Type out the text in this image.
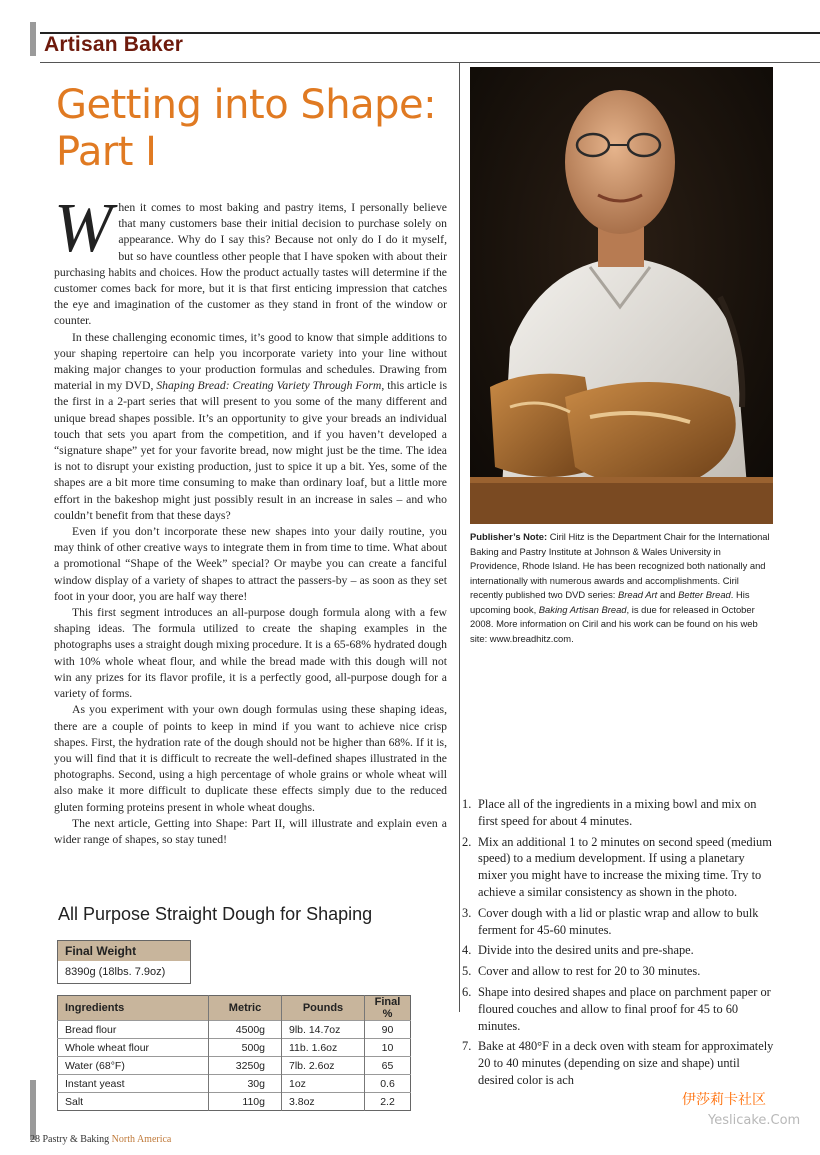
Artisan Baker
Getting into Shape: Part I

When it comes to most baking and pastry items, I personally believe that many customers base their initial decision to purchase solely on appearance. Why do I say this? Because not only do I do it myself, but so have countless other people that I have spoken with about their purchasing habits and choices. How the product actually tastes will determine if the customer comes back for more, but it is that first enticing impression that catches the eye and imagination of the customer as they stand in front of the window or counter.

In these challenging economic times, it’s good to know that simple additions to your shaping repertoire can help you incorporate variety into your line without making major changes to your production formulas and schedules. Drawing from material in my DVD, Shaping Bread: Creating Variety Through Form, this article is the first in a 2-part series that will present to you some of the many different and unique bread shapes possible. It’s an opportunity to give your breads an individual touch that sets you apart from the competition, and if you haven’t developed a “signature shape” yet for your favorite bread, now might just be the time. The idea is not to disrupt your existing production, just to spice it up a bit. Yes, some of the shapes are a bit more time consuming to make than ordinary loaf, but a little more effort in the bakeshop might just possibly result in an increase in sales – and who couldn’t benefit from that these days?

Even if you don’t incorporate these new shapes into your daily routine, you may think of other creative ways to integrate them in from time to time. What about a promotional “Shape of the Week” special? Or maybe you can create a fanciful window display of a variety of shapes to attract the passers-by – as soon as they set foot in your door, you are half way there!

This first segment introduces an all-purpose dough formula along with a few shaping ideas. The formula utilized to create the shaping examples in the photographs uses a straight dough mixing procedure. It is a 65-68% hydrated dough with 10% whole wheat flour, and while the bread made with this dough will not win any prizes for its flavor profile, it is a perfectly good, all-purpose dough for a variety of forms.

As you experiment with your own dough formulas using these shaping ideas, there are a couple of points to keep in mind if you want to achieve nice crisp shapes. First, the hydration rate of the dough should not be higher than 68%. If it is, you will find that it is difficult to recreate the well-defined shapes illustrated in the photographs. Second, using a high percentage of whole grains or whole wheat will also make it more difficult to duplicate these effects simply due to the reduced gluten forming proteins present in whole wheat doughs.

The next article, Getting into Shape: Part II, will illustrate and explain even a wider range of shapes, so stay tuned!

Publisher’s Note: Ciril Hitz is the Department Chair for the International Baking and Pastry Institute at Johnson & Wales University in Providence, Rhode Island. He has been recognized both nationally and internationally with numerous awards and accomplishments. Ciril recently published two DVD series: Bread Art and Better Bread. His upcoming book, Baking Artisan Bread, is due for released in October 2008. More information on Ciril and his work can be found on his web site: www.breadhitz.com.

1. Place all of the ingredients in a mixing bowl and mix on first speed for about 4 minutes.
2. Mix an additional 1 to 2 minutes on second speed (medium speed) to a medium development. If using a planetary mixer you might have to increase the mixing time. Try to achieve a similar consistency as shown in the photo.
3. Cover dough with a lid or plastic wrap and allow to bulk ferment for 45-60 minutes.
4. Divide into the desired units and pre-shape.
5. Cover and allow to rest for 20 to 30 minutes.
6. Shape into desired shapes and place on parchment paper or floured couches and allow to final proof for 45 to 60 minutes.
7. Bake at 480°F in a deck oven with steam for approximately 20 to 40 minutes (depending on size and shape) until desired color is ach
All Purpose Straight Dough for Shaping
Final Weight
8390g (18lbs. 7.9oz)
Ingredients	Metric	Pounds	Final %
Bread flour	4500g	9lb. 14.7oz	90
Whole wheat flour	500g	11b. 1.6oz	10
Water (68°F)	3250g	7lb. 2.6oz	65
Instant yeast	30g	1oz	0.6
Salt	110g	3.8oz	2.2
28 Pastry & Baking North America
伊莎莉卡社区
Yeslicake.Com
